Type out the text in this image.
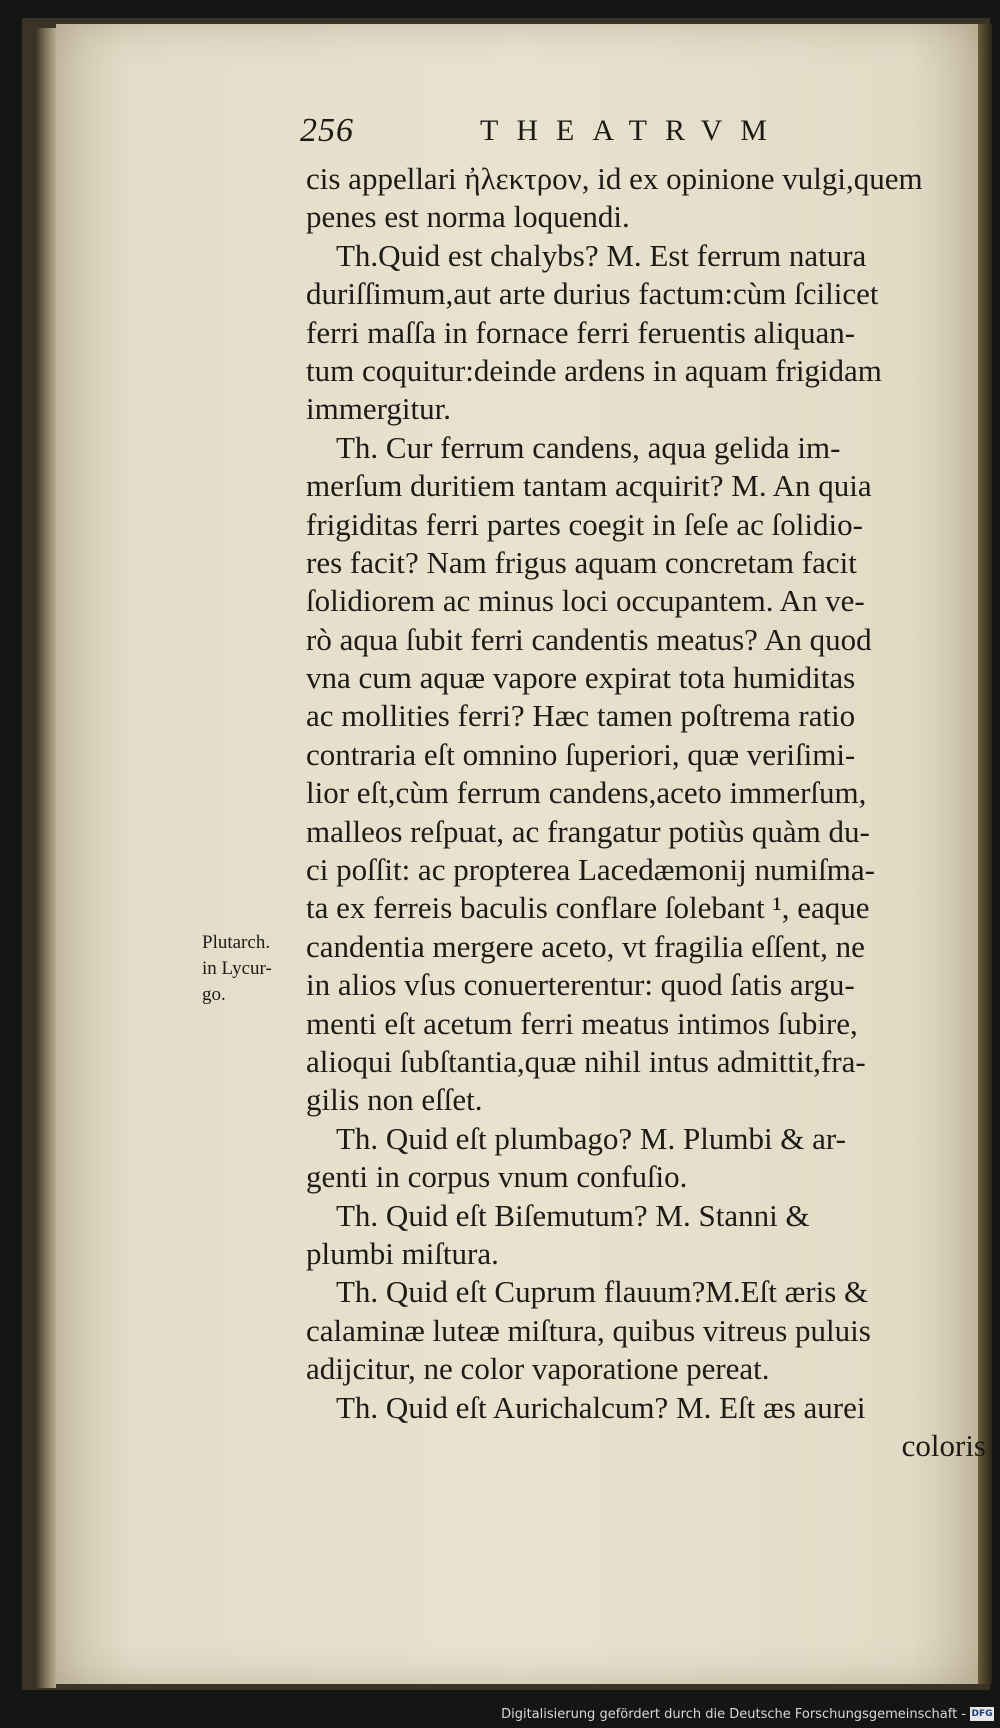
256	THEATRVM
cis appellari ἠλεκτρον, id ex opinione vulgi,quem
penes est norma loquendi.
Th.Quid est chalybs? M. Est ferrum natura
duriſſimum,aut arte durius factum:cùm ſcilicet
ferri maſſa in fornace ferri feruentis aliquan-
tum coquitur:deinde ardens in aquam frigidam
immergitur.
Th. Cur ferrum candens, aqua gelida im-
merſum duritiem tantam acquirit? M. An quia
frigiditas ferri partes coegit in ſeſe ac ſolidio-
res facit? Nam frigus aquam concretam facit
ſolidiorem ac minus loci occupantem. An ve-
rò aqua ſubit ferri candentis meatus? An quod
vna cum aquæ vapore expirat tota humiditas
ac mollities ferri? Hæc tamen poſtrema ratio
contraria eſt omnino ſuperiori, quæ veriſimi-
lior eſt,cùm ferrum candens,aceto immerſum,
malleos reſpuat, ac frangatur potiùs quàm du-
ci poſſit: ac propterea Lacedæmonij numiſma-
ta ex ferreis baculis conflare ſolebant ¹, eaque
candentia mergere aceto, vt fragilia eſſent, ne
in alios vſus conuerterentur: quod ſatis argu-
menti eſt acetum ferri meatus intimos ſubire,
alioqui ſubſtantia,quæ nihil intus admittit,fra-
gilis non eſſet.
Th. Quid eſt plumbago? M. Plumbi & ar-
genti in corpus vnum confuſio.
Th. Quid eſt Biſemutum? M. Stanni &
plumbi miſtura.
Th. Quid eſt Cuprum flauum?M.Eſt æris &
calaminæ luteæ miſtura, quibus vitreus puluis
adijcitur, ne color vaporatione pereat.
Th. Quid eſt Aurichalcum? M. Eſt æs aurei
coloris
Plutarch.
in Lycur-
go.
Digitalisierung gefördert durch die Deutsche Forschungsgemeinschaft - DFG
